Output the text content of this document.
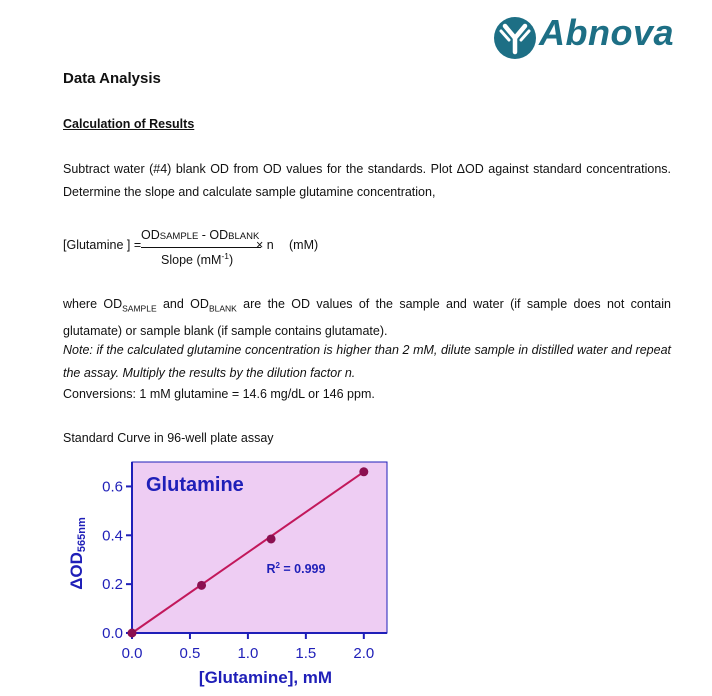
Abnova
Data Analysis
Calculation of Results
Subtract water (#4) blank OD from OD values for the standards. Plot ΔOD against standard concentrations. Determine the slope and calculate sample glutamine concentration,
[Glutamine ] =
ODSAMPLE - ODBLANK
Slope $(mM^{-1})$
× n (mM)
where $OD_{SAMPLE}$ and $OD_{BLANK}$ are the OD values of the sample and water (if sample does not contain glutamate) or sample blank (if sample contains glutamate).
Note: if the calculated glutamine concentration is higher than 2 mM, dilute sample in distilled water and repeat the assay. Multiply the results by the dilution factor n.
Conversions: 1 mM glutamine = 14.6 mg/dL or 146 ppm.
Standard Curve in 96-well plate assay
0.0 0.5 1.0 1.5 2.0
0.0
0.2
0.4
0.6 Glutamine
$R^2 = 0.999$
[Glutamine], mM
ΔOD565nm
